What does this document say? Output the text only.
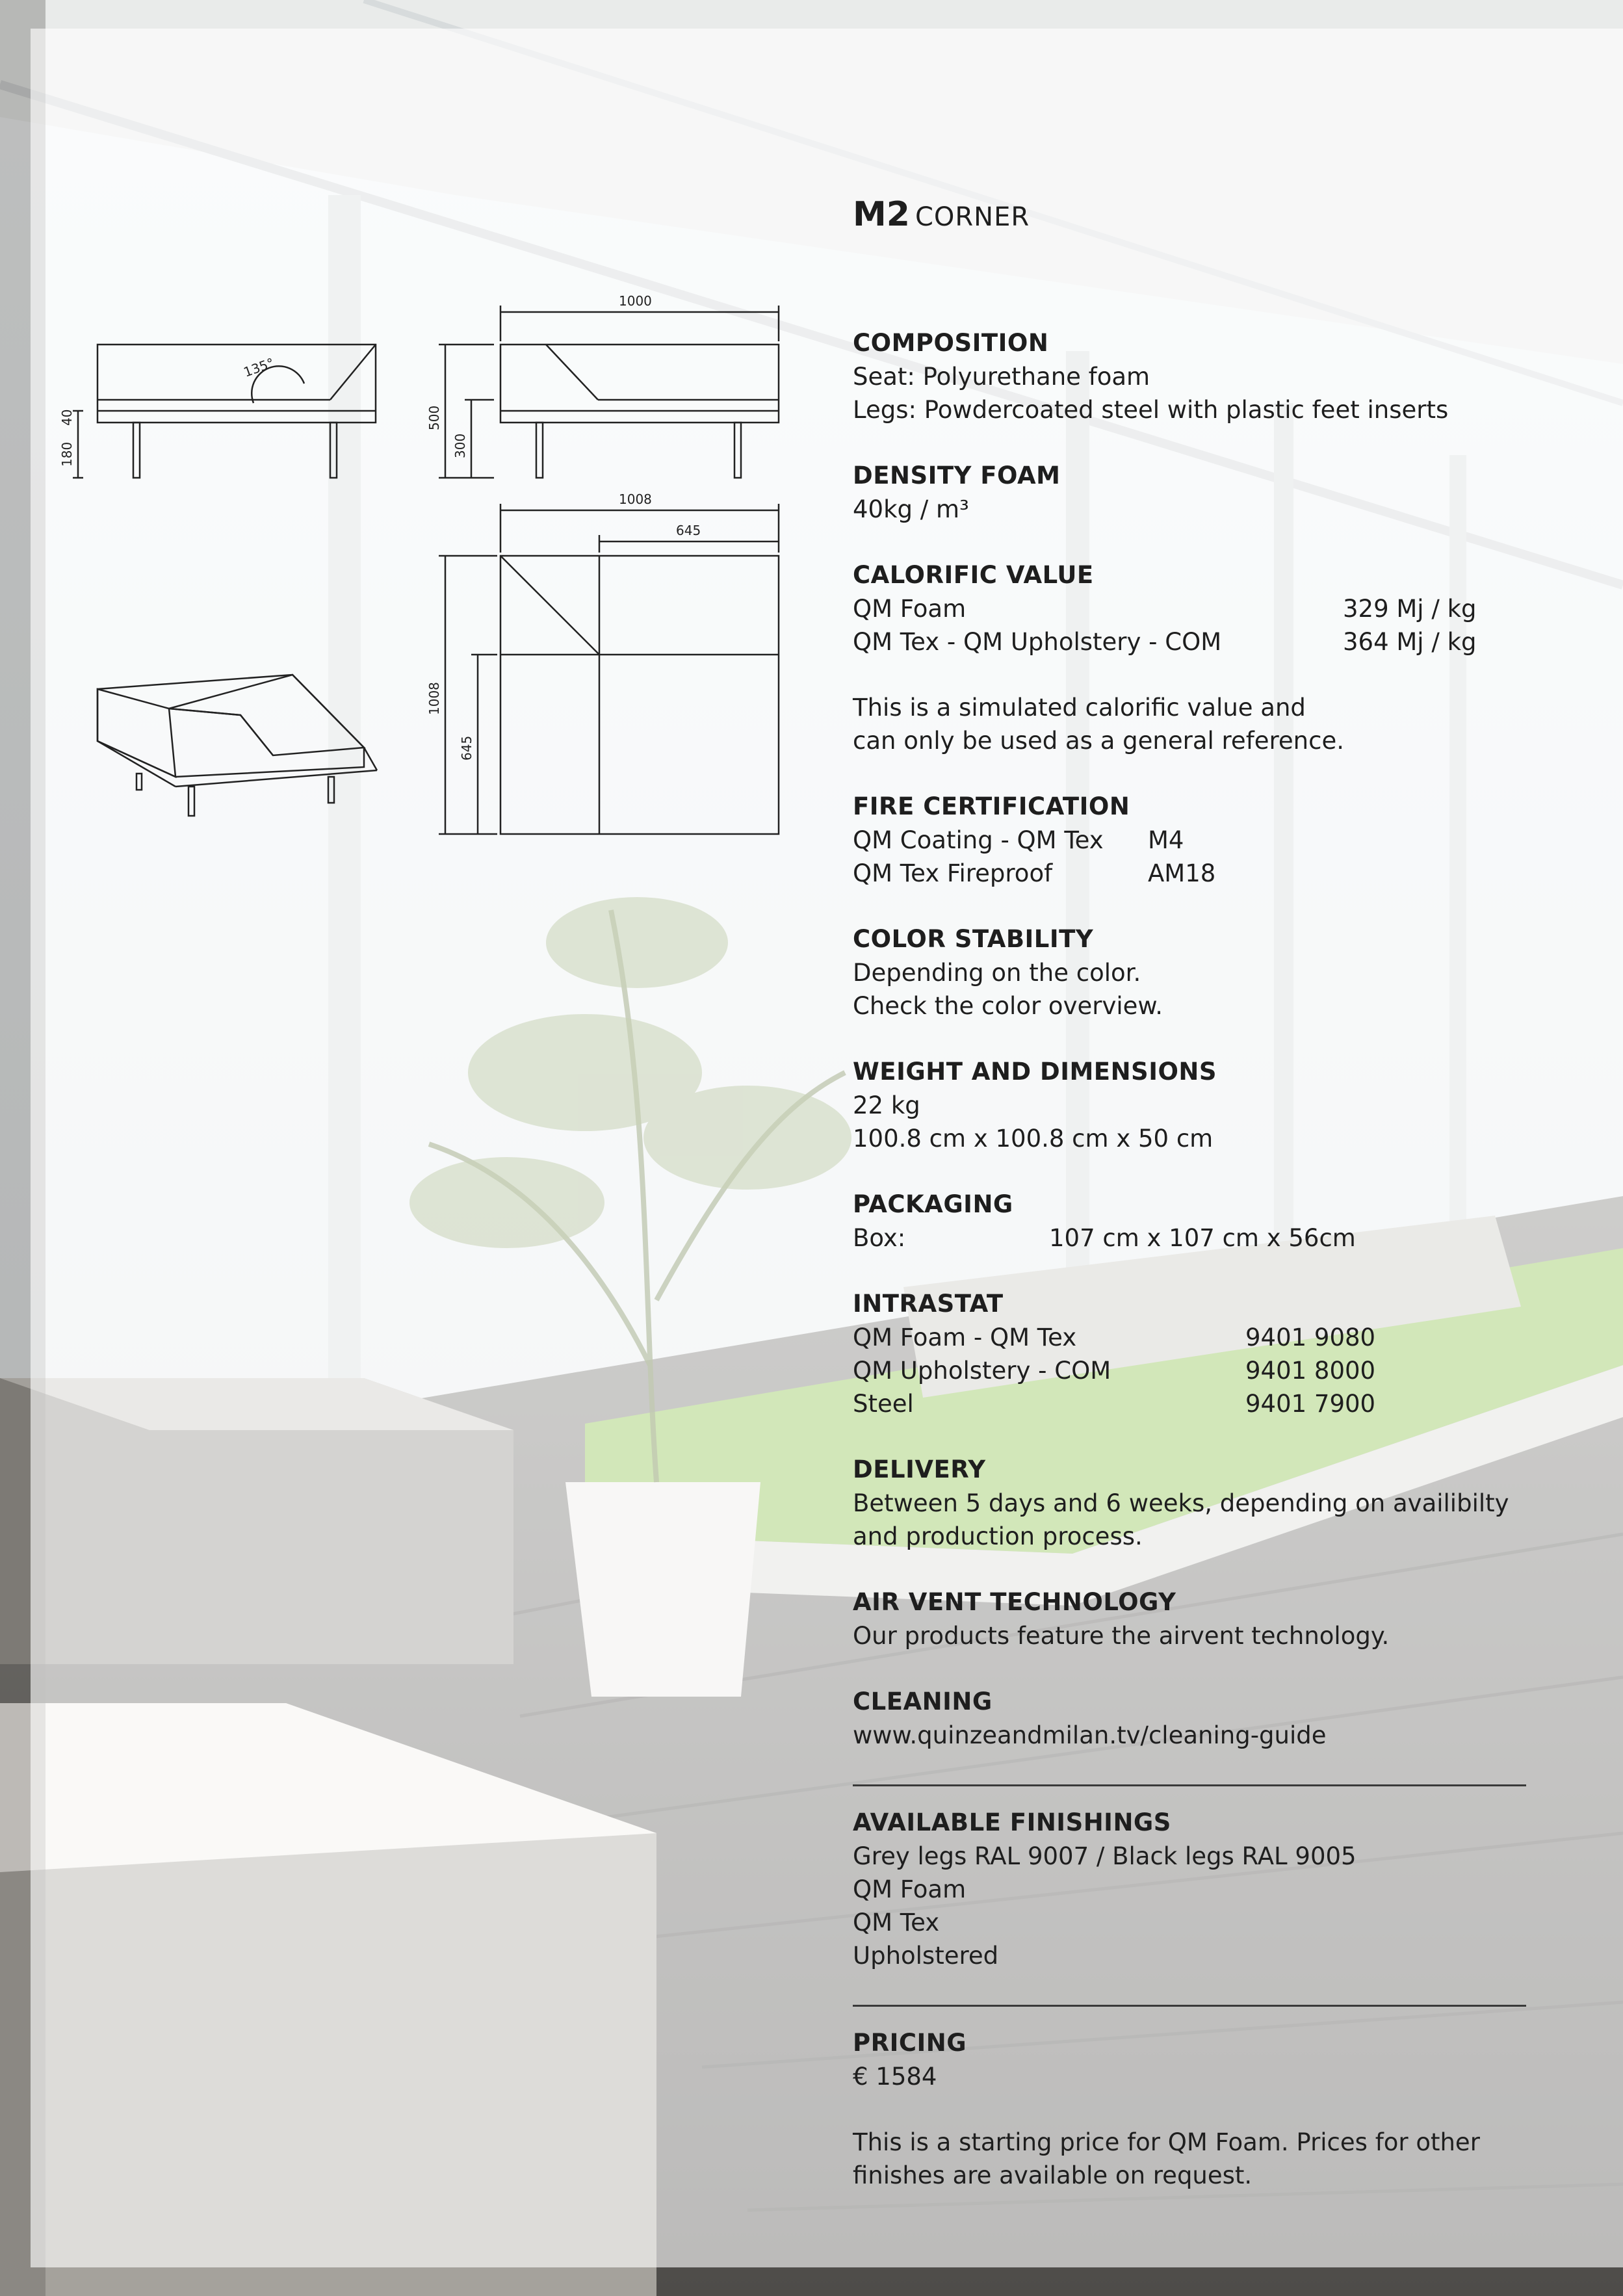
135°
180
40
1000
500
300
1008
645
1008
645
M2 CORNER
COMPOSITION
Seat: Polyurethane foam
Legs: Powdercoated steel with plastic feet inserts
DENSITY FOAM
40kg / m³
CALORIFIC VALUE
QM Foam	329 Mj / kg
QM Tex - QM Upholstery - COM	364 Mj / kg
This is a simulated calorific value and
can only be used as a general reference.
FIRE CERTIFICATION
QM Coating - QM Tex	M4
QM Tex Fireproof	AM18
COLOR STABILITY
Depending on the color.
Check the color overview.
WEIGHT AND DIMENSIONS
22 kg
100.8 cm x 100.8 cm x 50 cm
PACKAGING
Box:	107 cm x 107 cm x 56cm
INTRASTAT
QM Foam - QM Tex	9401 9080
QM Upholstery - COM	9401 8000
Steel	9401 7900
DELIVERY
Between 5 days and 6 weeks, depending on availibilty
and production process.
AIR VENT TECHNOLOGY
Our products feature the airvent technology.
CLEANING
www.quinzeandmilan.tv/cleaning-guide
AVAILABLE FINISHINGS
Grey legs RAL 9007 / Black legs RAL 9005
QM Foam
QM Tex
Upholstered
PRICING
€ 1584
This is a starting price for QM Foam. Prices for other
finishes are available on request.
